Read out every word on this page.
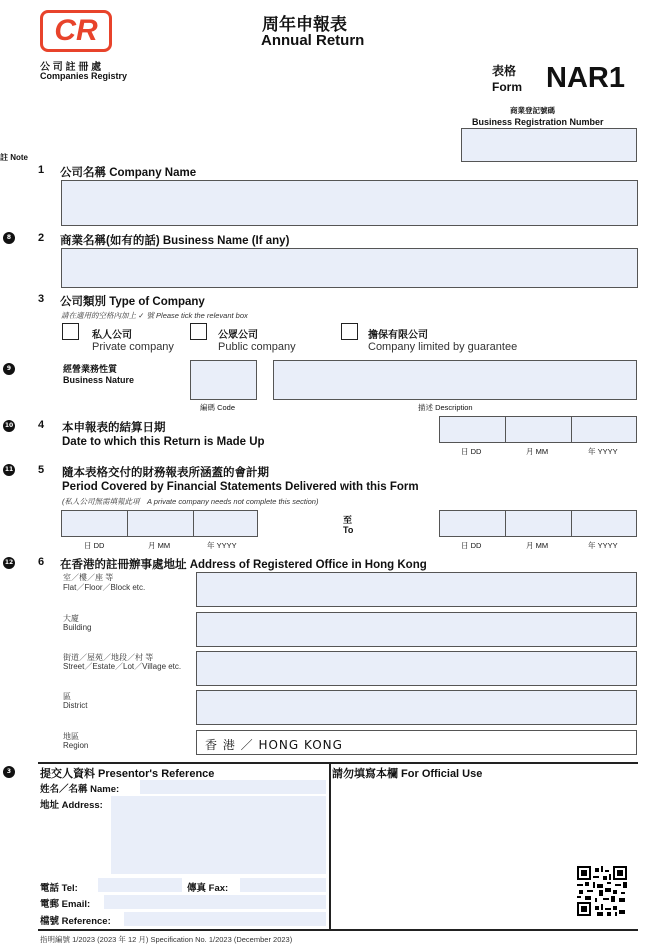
CR
公 司 註 冊 處
Companies Registry
周年申報表
Annual Return
表格
Form NAR1
商業登記號碼
Business Registration Number
註 Note
1 公司名稱 Company Name
8	2 商業名稱(如有的話) Business Name (If any)
3 公司類別 Type of Company
請在適用的空格內加上 ✓ 號 Please tick the relevant box
私人公司
Private company
公眾公司
Public company
擔保有限公司
Company limited by guarantee
9	經營業務性質
Business Nature
編碼 Code	描述 Description
10 4 本申報表的結算日期
Date to which this Return is Made Up
日 DD	月 MM	年 YYYY
11 5 隨本表格交付的財務報表所涵蓋的會計期
Period Covered by Financial Statements Delivered with this Form
(私人公司無需填報此項　A private company needs not complete this section)
日 DD	月 MM	年 YYYY
至
To
日 DD	月 MM	年 YYYY
12 6 在香港的註冊辦事處地址 Address of Registered Office in Hong Kong
室／樓／座 等
Flat／Floor／Block etc.
大廈
Building
街道／屋苑／地段／村 等
Street／Estate／Lot／Village etc.
區
District
地區
Region	香 港 ／ HONG KONG
3	提交人資料 Presentor's Reference
姓名／名稱 Name:
地址 Address:
電話 Tel:	傳真 Fax:
電郵 Email:
檔號 Reference:
請勿填寫本欄 For Official Use
指明編號 1/2023 (2023 年 12 月) Specification No. 1/2023 (December 2023)
